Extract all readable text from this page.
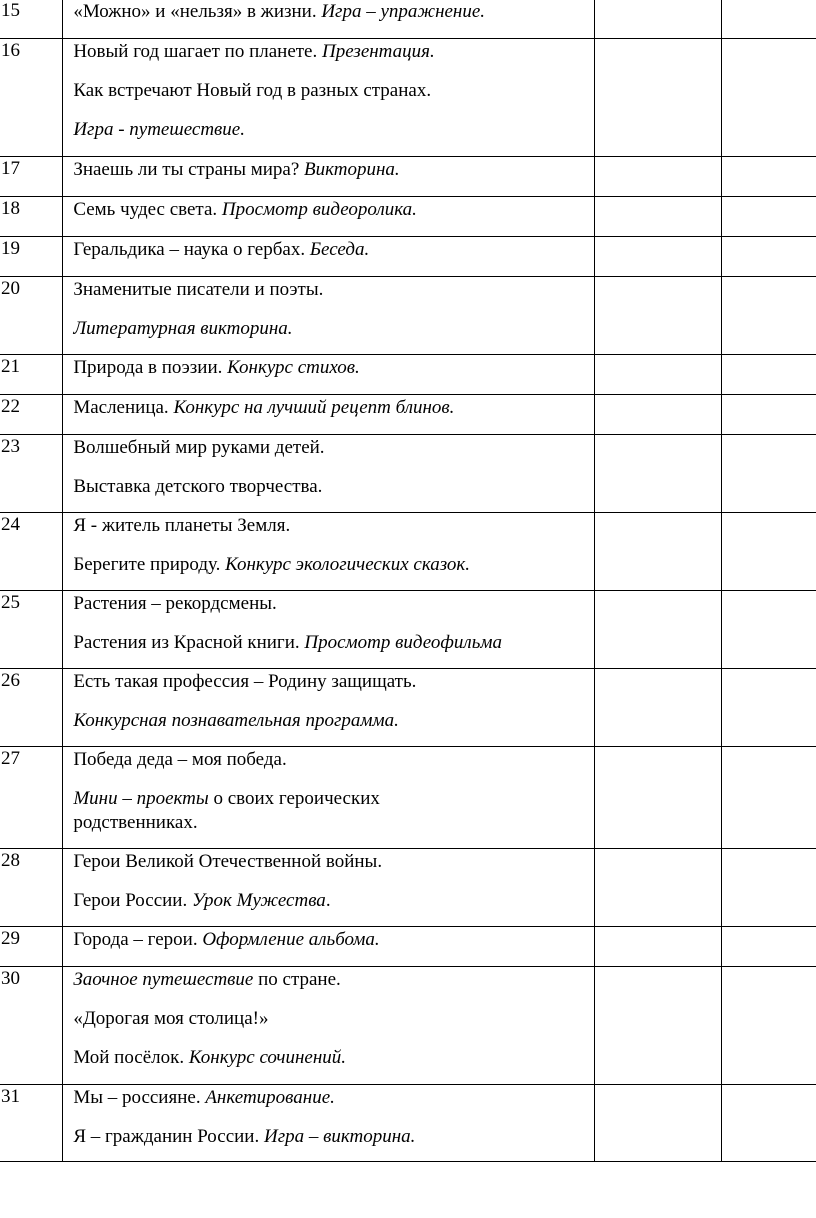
15	«Можно» и «нельзя» в жизни. Игра – упражнение.		

16	Новый год шагает по планете. Презентация.
Как встречают Новый год в разных странах.
Игра - путешествие.		

17	Знаешь ли ты страны мира? Викторина.		

18	Семь чудес света. Просмотр видеоролика.		

19	Геральдика – наука о гербах. Беседа.		

20	Знаменитые писатели и поэты.
Литературная викторина.		

21	Природа в поэзии. Конкурс стихов.		

22	Масленица. Конкурс на лучший рецепт блинов.		

23	Волшебный мир руками детей.
Выставка детского творчества.		

24	Я - житель планеты Земля.
Берегите природу. Конкурс экологических сказок.		

25	Растения – рекордсмены.
Растения из Красной книги. Просмотр видеофильма		

26	Есть такая профессия – Родину защищать.
Конкурсная познавательная программа.		

27	Победа деда – моя победа.
Мини – проекты о своих героических
родственниках.		

28	Герои Великой Отечественной войны.
Герои России. Урок Мужества.		

29	Города – герои. Оформление альбома.		

30	Заочное путешествие по стране.
«Дорогая моя столица!»
Мой посёлок. Конкурс сочинений.		

31	Мы – россияне. Анкетирование.
Я – гражданин России. Игра – викторина.		
